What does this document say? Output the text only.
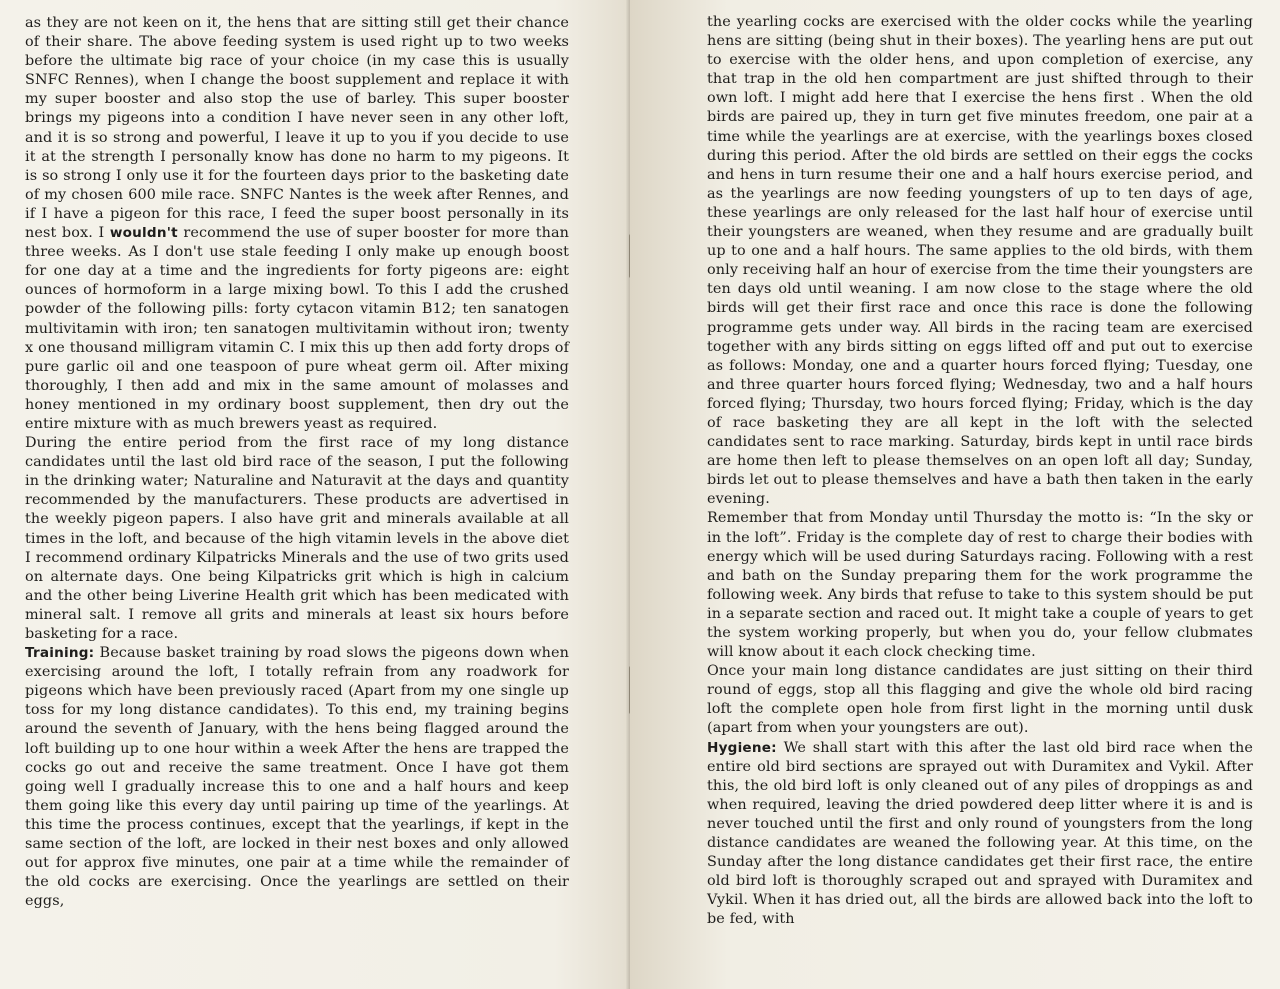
as they are not keen on it, the hens that are sitting still get their chance of their share. The above feeding system is used right up to two weeks before the ultimate big race of your choice (in my case this is usually SNFC Rennes), when I change the boost supplement and replace it with my super booster and also stop the use of barley. This super booster brings my pigeons into a condition I have never seen in any other loft, and it is so strong and powerful, I leave it up to you if you decide to use it at the strength I personally know has done no harm to my pigeons. It is so strong I only use it for the fourteen days prior to the basketing date of my chosen 600 mile race. SNFC Nantes is the week after Rennes, and if I have a pigeon for this race, I feed the super boost personally in its nest box. I wouldn't recommend the use of super booster for more than three weeks. As I don't use stale feeding I only make up enough boost for one day at a time and the ingredients for forty pigeons are: eight ounces of hormoform in a large mixing bowl. To this I add the crushed powder of the following pills: forty cytacon vitamin B12; ten sanatogen multivitamin with iron; ten sanatogen multivitamin without iron; twenty x one thousand milligram vitamin C. I mix this up then add forty drops of pure garlic oil and one teaspoon of pure wheat germ oil. After mixing thoroughly, I then add and mix in the same amount of molasses and honey mentioned in my ordinary boost supplement, then dry out the entire mixture with as much brewers yeast as required.

During the entire period from the first race of my long distance candidates until the last old bird race of the season, I put the following in the drinking water; Naturaline and Naturavit at the days and quantity recommended by the manufacturers. These products are advertised in the weekly pigeon papers. I also have grit and minerals available at all times in the loft, and because of the high vitamin levels in the above diet I recommend ordinary Kilpatricks Minerals and the use of two grits used on alternate days. One being Kilpatricks grit which is high in calcium and the other being Liverine Health grit which has been medicated with mineral salt. I remove all grits and minerals at least six hours before basketing for a race.

Training: Because basket training by road slows the pigeons down when exercising around the loft, I totally refrain from any roadwork for pigeons which have been previously raced (Apart from my one single up toss for my long distance candidates). To this end, my training begins around the seventh of January, with the hens being flagged around the loft building up to one hour within a week After the hens are trapped the cocks go out and receive the same treatment. Once I have got them going well I gradually increase this to one and a half hours and keep them going like this every day until pairing up time of the yearlings. At this time the process continues, except that the yearlings, if kept in the same section of the loft, are locked in their nest boxes and only allowed out for approx five minutes, one pair at a time while the remainder of the old cocks are exercising. Once the yearlings are settled on their eggs,

the yearling cocks are exercised with the older cocks while the yearling hens are sitting (being shut in their boxes). The yearling hens are put out to exercise with the older hens, and upon completion of exercise, any that trap in the old hen compartment are just shifted through to their own loft. I might add here that I exercise the hens first . When the old birds are paired up, they in turn get five minutes freedom, one pair at a time while the yearlings are at exercise, with the yearlings boxes closed during this period. After the old birds are settled on their eggs the cocks and hens in turn resume their one and a half hours exercise period, and as the yearlings are now feeding youngsters of up to ten days of age, these yearlings are only released for the last half hour of exercise until their youngsters are weaned, when they resume and are gradually built up to one and a half hours. The same applies to the old birds, with them only receiving half an hour of exercise from the time their youngsters are ten days old until weaning. I am now close to the stage where the old birds will get their first race and once this race is done the following programme gets under way. All birds in the racing team are exercised together with any birds sitting on eggs lifted off and put out to exercise as follows: Monday, one and a quarter hours forced flying; Tuesday, one and three quarter hours forced flying; Wednesday, two and a half hours forced flying; Thursday, two hours forced flying; Friday, which is the day of race basketing they are all kept in the loft with the selected candidates sent to race marking. Saturday, birds kept in until race birds are home then left to please themselves on an open loft all day; Sunday, birds let out to please themselves and have a bath then taken in the early evening.

Remember that from Monday until Thursday the motto is: “In the sky or in the loft”. Friday is the complete day of rest to charge their bodies with energy which will be used during Saturdays racing. Following with a rest and bath on the Sunday preparing them for the work programme the following week. Any birds that refuse to take to this system should be put in a separate section and raced out. It might take a couple of years to get the system working properly, but when you do, your fellow clubmates will know about it each clock checking time.

Once your main long distance candidates are just sitting on their third round of eggs, stop all this flagging and give the whole old bird racing loft the complete open hole from first light in the morning until dusk (apart from when your youngsters are out).

Hygiene: We shall start with this after the last old bird race when the entire old bird sections are sprayed out with Duramitex and Vykil. After this, the old bird loft is only cleaned out of any piles of droppings as and when required, leaving the dried powdered deep litter where it is and is never touched until the first and only round of youngsters from the long distance candidates are weaned the following year. At this time, on the Sunday after the long distance candidates get their first race, the entire old bird loft is thoroughly scraped out and sprayed with Duramitex and Vykil. When it has dried out, all the birds are allowed back into the loft to be fed, with
